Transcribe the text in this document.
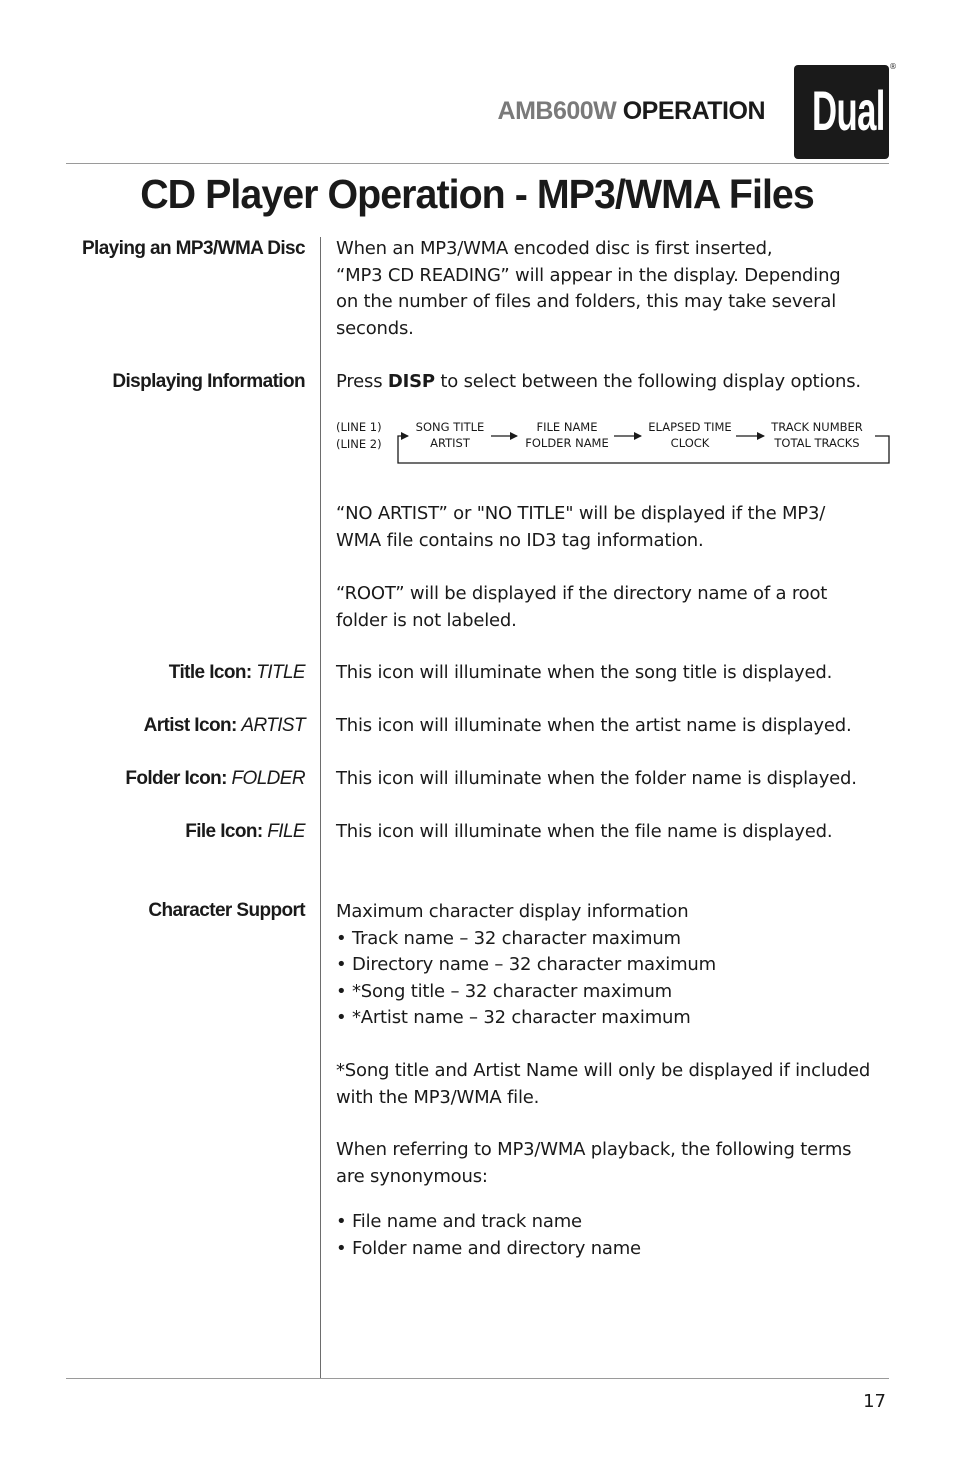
AMB600W OPERATION Dual
®
CD Player Operation - MP3/WMA Files
Playing an MP3/WMA Disc When an MP3/WMA encoded disc is first inserted,
“MP3 CD READING” will appear in the display. Depending
on the number of files and folders, this may take several
seconds.
Displaying Information Press DISP to select between the following display options.
(LINE 1)
(LINE 2)
SONG TITLE
ARTIST
FILE NAME
FOLDER NAME
ELAPSED TIME
CLOCK
TRACK NUMBER
TOTAL TRACKS
“NO ARTIST” or "NO TITLE" will be displayed if the MP3/
WMA file contains no ID3 tag information.
“ROOT” will be displayed if the directory name of a root
folder is not labeled.
Title Icon: TITLE This icon will illuminate when the song title is displayed.
Artist Icon: ARTIST This icon will illuminate when the artist name is displayed.
Folder Icon: FOLDER This icon will illuminate when the folder name is displayed.
File Icon: FILE This icon will illuminate when the file name is displayed.
Character Support Maximum character display information
• Track name – 32 character maximum
• Directory name – 32 character maximum
• *Song title – 32 character maximum
• *Artist name – 32 character maximum
*Song title and Artist Name will only be displayed if included
with the MP3/WMA file.
When referring to MP3/WMA playback, the following terms
are synonymous:
• File name and track name
• Folder name and directory name
17
